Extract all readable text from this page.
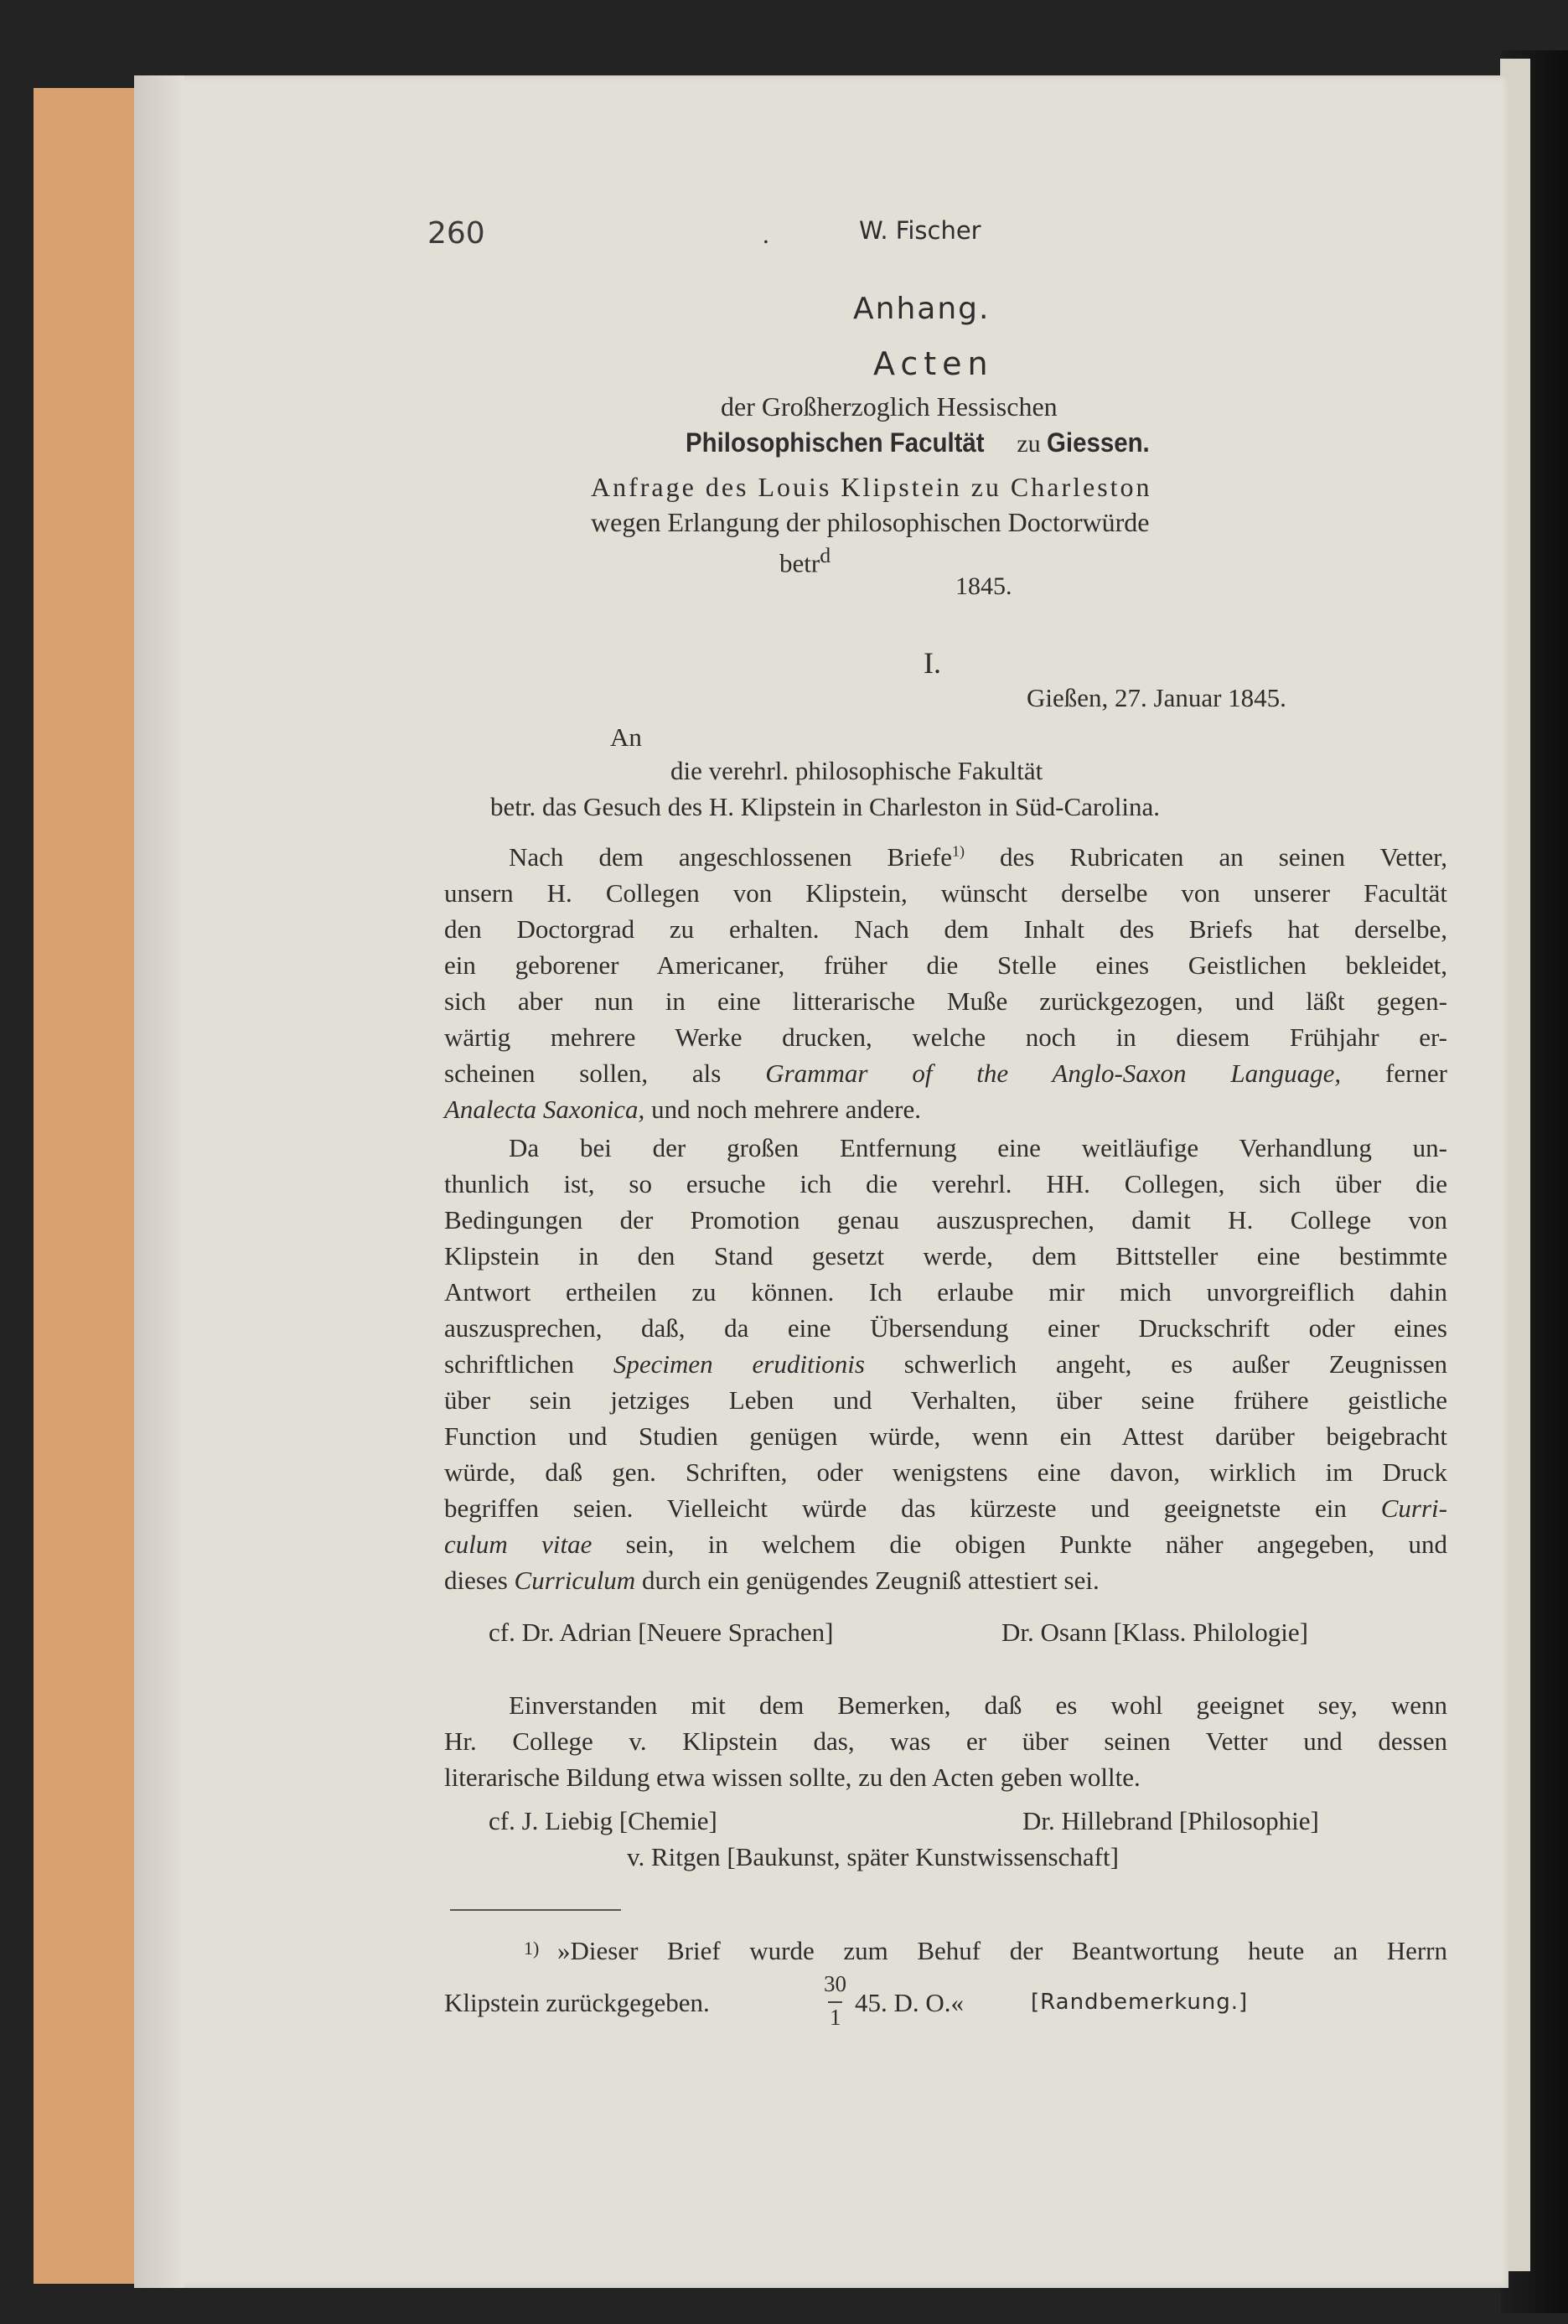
260	.	W. Fischer
Anhang.
Acten
der Großherzoglich Hessischen
Philosophischen Facultät zu Giessen.
Anfrage des Louis Klipstein zu Charleston
wegen Erlangung der philosophischen Doctorwürde
betr$^d$
1845.
I.
Gießen, 27. Januar 1845.
An
die verehrl. philosophische Fakultät
betr. das Gesuch des H. Klipstein in Charleston in Süd-Carolina.
Nach dem angeschlossenen Briefe$^{1)}$ des Rubricaten an seinen Vetter,
unsern H. Collegen von Klipstein, wünscht derselbe von unserer Facultät
den Doctorgrad zu erhalten. Nach dem Inhalt des Briefs hat derselbe,
ein geborener Americaner, früher die Stelle eines Geistlichen bekleidet,
sich aber nun in eine litterarische Muße zurückgezogen, und läßt gegen-
wärtig mehrere Werke drucken, welche noch in diesem Frühjahr er-
scheinen sollen, als Grammar of the Anglo-Saxon Language, ferner
Analecta Saxonica, und noch mehrere andere.
Da bei der großen Entfernung eine weitläufige Verhandlung un-
thunlich ist, so ersuche ich die verehrl. HH. Collegen, sich über die
Bedingungen der Promotion genau auszusprechen, damit H. College von
Klipstein in den Stand gesetzt werde, dem Bittsteller eine bestimmte
Antwort ertheilen zu können. Ich erlaube mir mich unvorgreiflich dahin
auszusprechen, daß, da eine Übersendung einer Druckschrift oder eines
schriftlichen Specimen eruditionis schwerlich angeht, es außer Zeugnissen
über sein jetziges Leben und Verhalten, über seine frühere geistliche
Function und Studien genügen würde, wenn ein Attest darüber beigebracht
würde, daß gen. Schriften, oder wenigstens eine davon, wirklich im Druck
begriffen seien. Vielleicht würde das kürzeste und geeignetste ein Curri-
culum vitae sein, in welchem die obigen Punkte näher angegeben, und
dieses Curriculum durch ein genügendes Zeugniß attestiert sei.
cf. Dr. Adrian [Neuere Sprachen]	Dr. Osann [Klass. Philologie]
Einverstanden mit dem Bemerken, daß es wohl geeignet sey, wenn
Hr. College v. Klipstein das, was er über seinen Vetter und dessen
literarische Bildung etwa wissen sollte, zu den Acten geben wollte.
cf. J. Liebig [Chemie]	Dr. Hillebrand [Philosophie]
v. Ritgen [Baukunst, später Kunstwissenschaft]
1) »Dieser Brief wurde zum Behuf der Beantwortung heute an Herrn
Klipstein zurückgegeben.
30
1 45. D. O.«	[Randbemerkung.]
